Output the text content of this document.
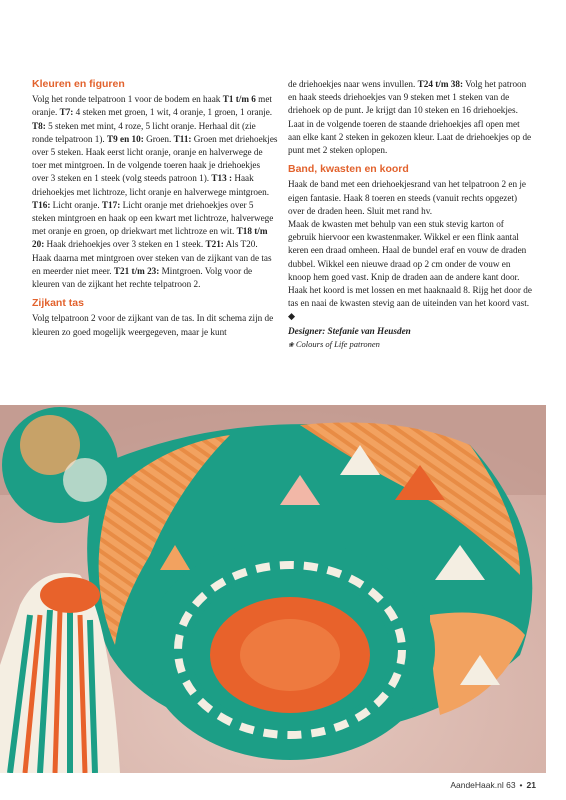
Kleuren en figuren

Volg het ronde telpatroon 1 voor de bodem en haak T1 t/m 6 met oranje. T7: 4 steken met groen, 1 wit, 4 oranje, 1 groen, 1 oranje. T8: 5 steken met mint, 4 roze, 5 licht oranje. Herhaal dit (zie ronde telpatroon 1). T9 en 10: Groen. T11: Groen met driehoekjes over 5 steken. Haak eerst licht oranje, oranje en halverwege de toer met mintgroen. In de volgende toeren haak je driehoekjes over 3 steken en 1 steek (volg steeds patroon 1). T13 : Haak driehoekjes met lichtroze, licht oranje en halverwege mintgroen. T16: Licht oranje. T17: Licht oranje met driehoekjes over 5 steken mintgroen en haak op een kwart met lichtroze, halverwege met oranje en groen, op driekwart met lichtroze en wit. T18 t/m 20: Haak driehoekjes over 3 steken en 1 steek. T21: Als T20. Haak daarna met mintgroen over steken van de zijkant van de tas en meerder niet meer. T21 t/m 23: Mintgroen. Volg voor de kleuren van de zijkant het rechte telpatroon 2.

Zijkant tas

Volg telpatroon 2 voor de zijkant van de tas. In dit schema zijn de kleuren zo goed mogelijk weergegeven, maar je kunt

de driehoekjes naar wens invullen. T24 t/m 38: Volg het patroon en haak steeds driehoekjes van 9 steken met 1 steken van de driehoek op de punt. Je krijgt dan 10 steken en 16 driehoekjes. Laat in de volgende toeren de staande driehoekjes afl open met aan elke kant 2 steken in gekozen kleur. Laat de driehoekjes op de punt met 2 steken oplopen.

Band, kwasten en koord

Haak de band met een driehoekjesrand van het telpatroon 2 en je eigen fantasie. Haak 8 toeren en steeds (vanuit rechts opgezet) over de draden heen. Sluit met rand hv.

Maak de kwasten met behulp van een stuk stevig karton of gebruik hiervoor een kwastenmaker. Wikkel er een flink aantal keren een draad omheen. Haal de bundel eraf en vouw de draden dubbel. Wikkel een nieuwe draad op 2 cm onder de vouw en knoop hem goed vast. Knip de draden aan de andere kant door. Haak het koord is met lossen en met haaknaald 8. Rijg het door de tas en naai de kwasten stevig aan de uiteinden van het koord vast. ◆

Designer: Stefanie van Heusden
❀ Colours of Life patronen
AandeHaak.nl 63 • 21
